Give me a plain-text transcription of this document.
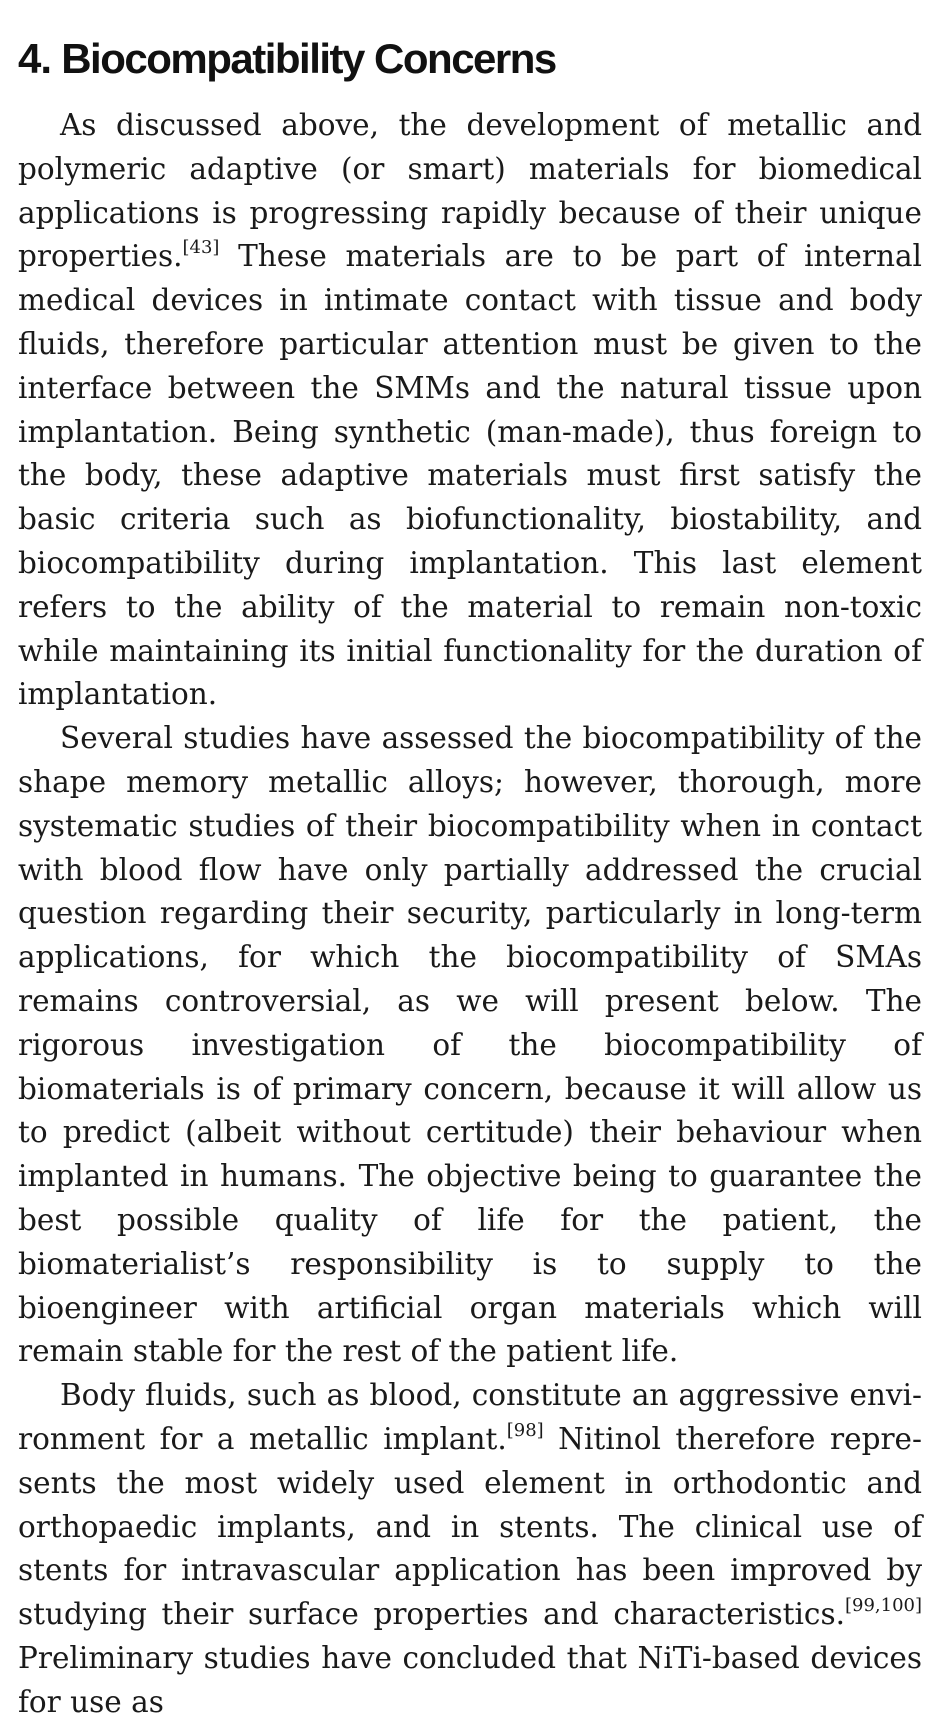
4. Biocompatibility Concerns

As discussed above, the development of metallic and polymeric adaptive (or smart) materials for biomedical applications is progressing rapidly because of their unique properties.[43] These materials are to be part of internal medical devices in intimate contact with tissue and body fluids, therefore particular attention must be given to the interface between the SMMs and the natural tissue upon implantation. Being synthetic (man-made), thus foreign to the body, these adaptive materials must first satisfy the basic criteria such as biofunctionality, biostability, and biocompatibility during implantation. This last element refers to the ability of the material to remain non-toxic while maintaining its initial functionality for the duration of implantation.

Several studies have assessed the biocompatibility of the shape memory metallic alloys; however, thorough, more systematic studies of their biocompatibility when in contact with blood flow have only partially addressed the crucial question regarding their security, particularly in long-term applications, for which the biocompatibility of SMAs remains controversial, as we will present below. The rigorous investigation of the biocompatibility of biomaterials is of primary concern, because it will allow us to predict (albeit without certitude) their behaviour when implanted in humans. The objective being to guarantee the best possible quality of life for the patient, the biomaterialist’s responsibility is to supply to the bioengineer with artificial organ materials which will remain stable for the rest of the patient life.

Body fluids, such as blood, constitute an aggressive environment for a metallic implant.[98] Nitinol therefore represents the most widely used element in orthodontic and orthopaedic implants, and in stents. The clinical use of stents for intravascular application has been improved by studying their surface properties and characteristics.[99,100] Preliminary studies have concluded that NiTi-based devices for use as
